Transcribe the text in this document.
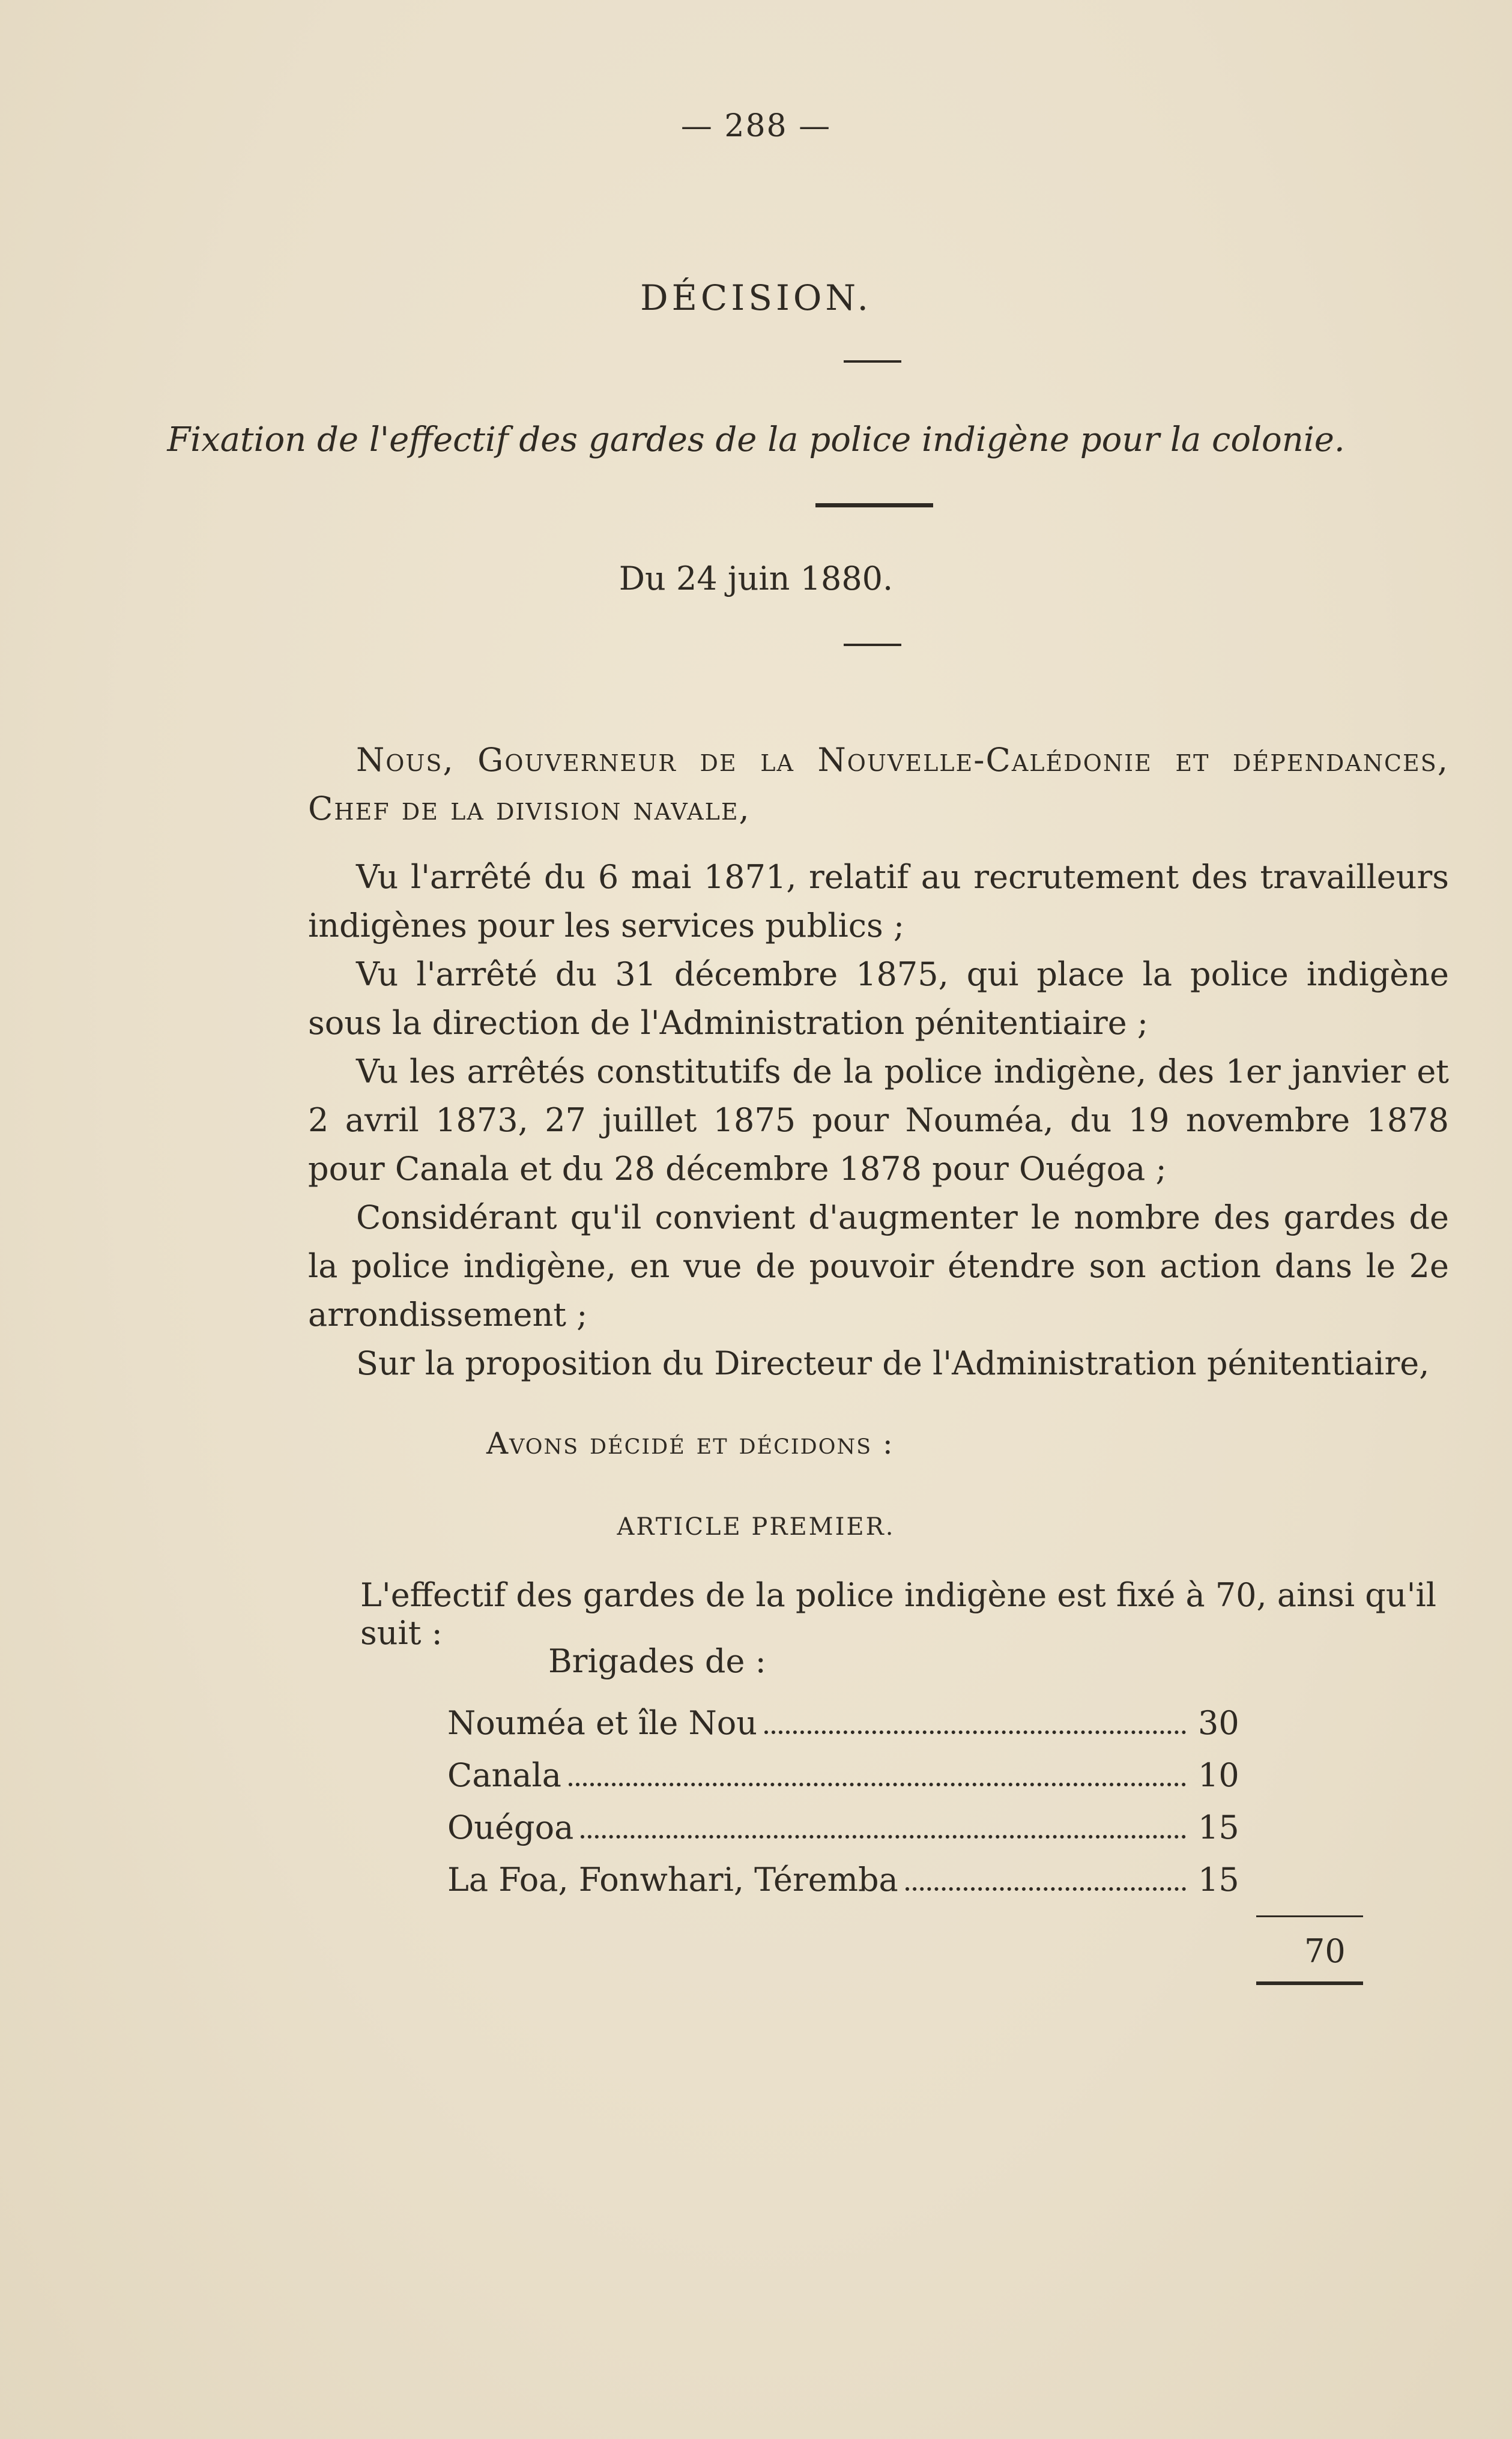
— 288 —
DÉCISION.
Fixation de l'effectif des gardes de la police indigène pour la colonie.
Du 24 juin 1880.
Nous, Gouverneur de la Nouvelle-Calédonie et dépendances, Chef de la division navale,
Vu l'arrêté du 6 mai 1871, relatif au recrutement des travailleurs indigènes pour les services publics ;
Vu l'arrêté du 31 décembre 1875, qui place la police indigène sous la direction de l'Administration pénitentiaire ;
Vu les arrêtés constitutifs de la police indigène, des 1er janvier et 2 avril 1873, 27 juillet 1875 pour Nouméa, du 19 novembre 1878 pour Canala et du 28 décembre 1878 pour Ouégoa ;
Considérant qu'il convient d'augmenter le nombre des gardes de la police indigène, en vue de pouvoir étendre son action dans le 2e arrondissement ;
Sur la proposition du Directeur de l'Administration pénitentiaire,
Avons décidé et décidons :
ARTICLE PREMIER.
L'effectif des gardes de la police indigène est fixé à 70, ainsi qu'il suit :
Brigades de :
Nouméa et île Nou	30
Canala	10
Ouégoa	15
La Foa, Fonwhari, Téremba	15
70
